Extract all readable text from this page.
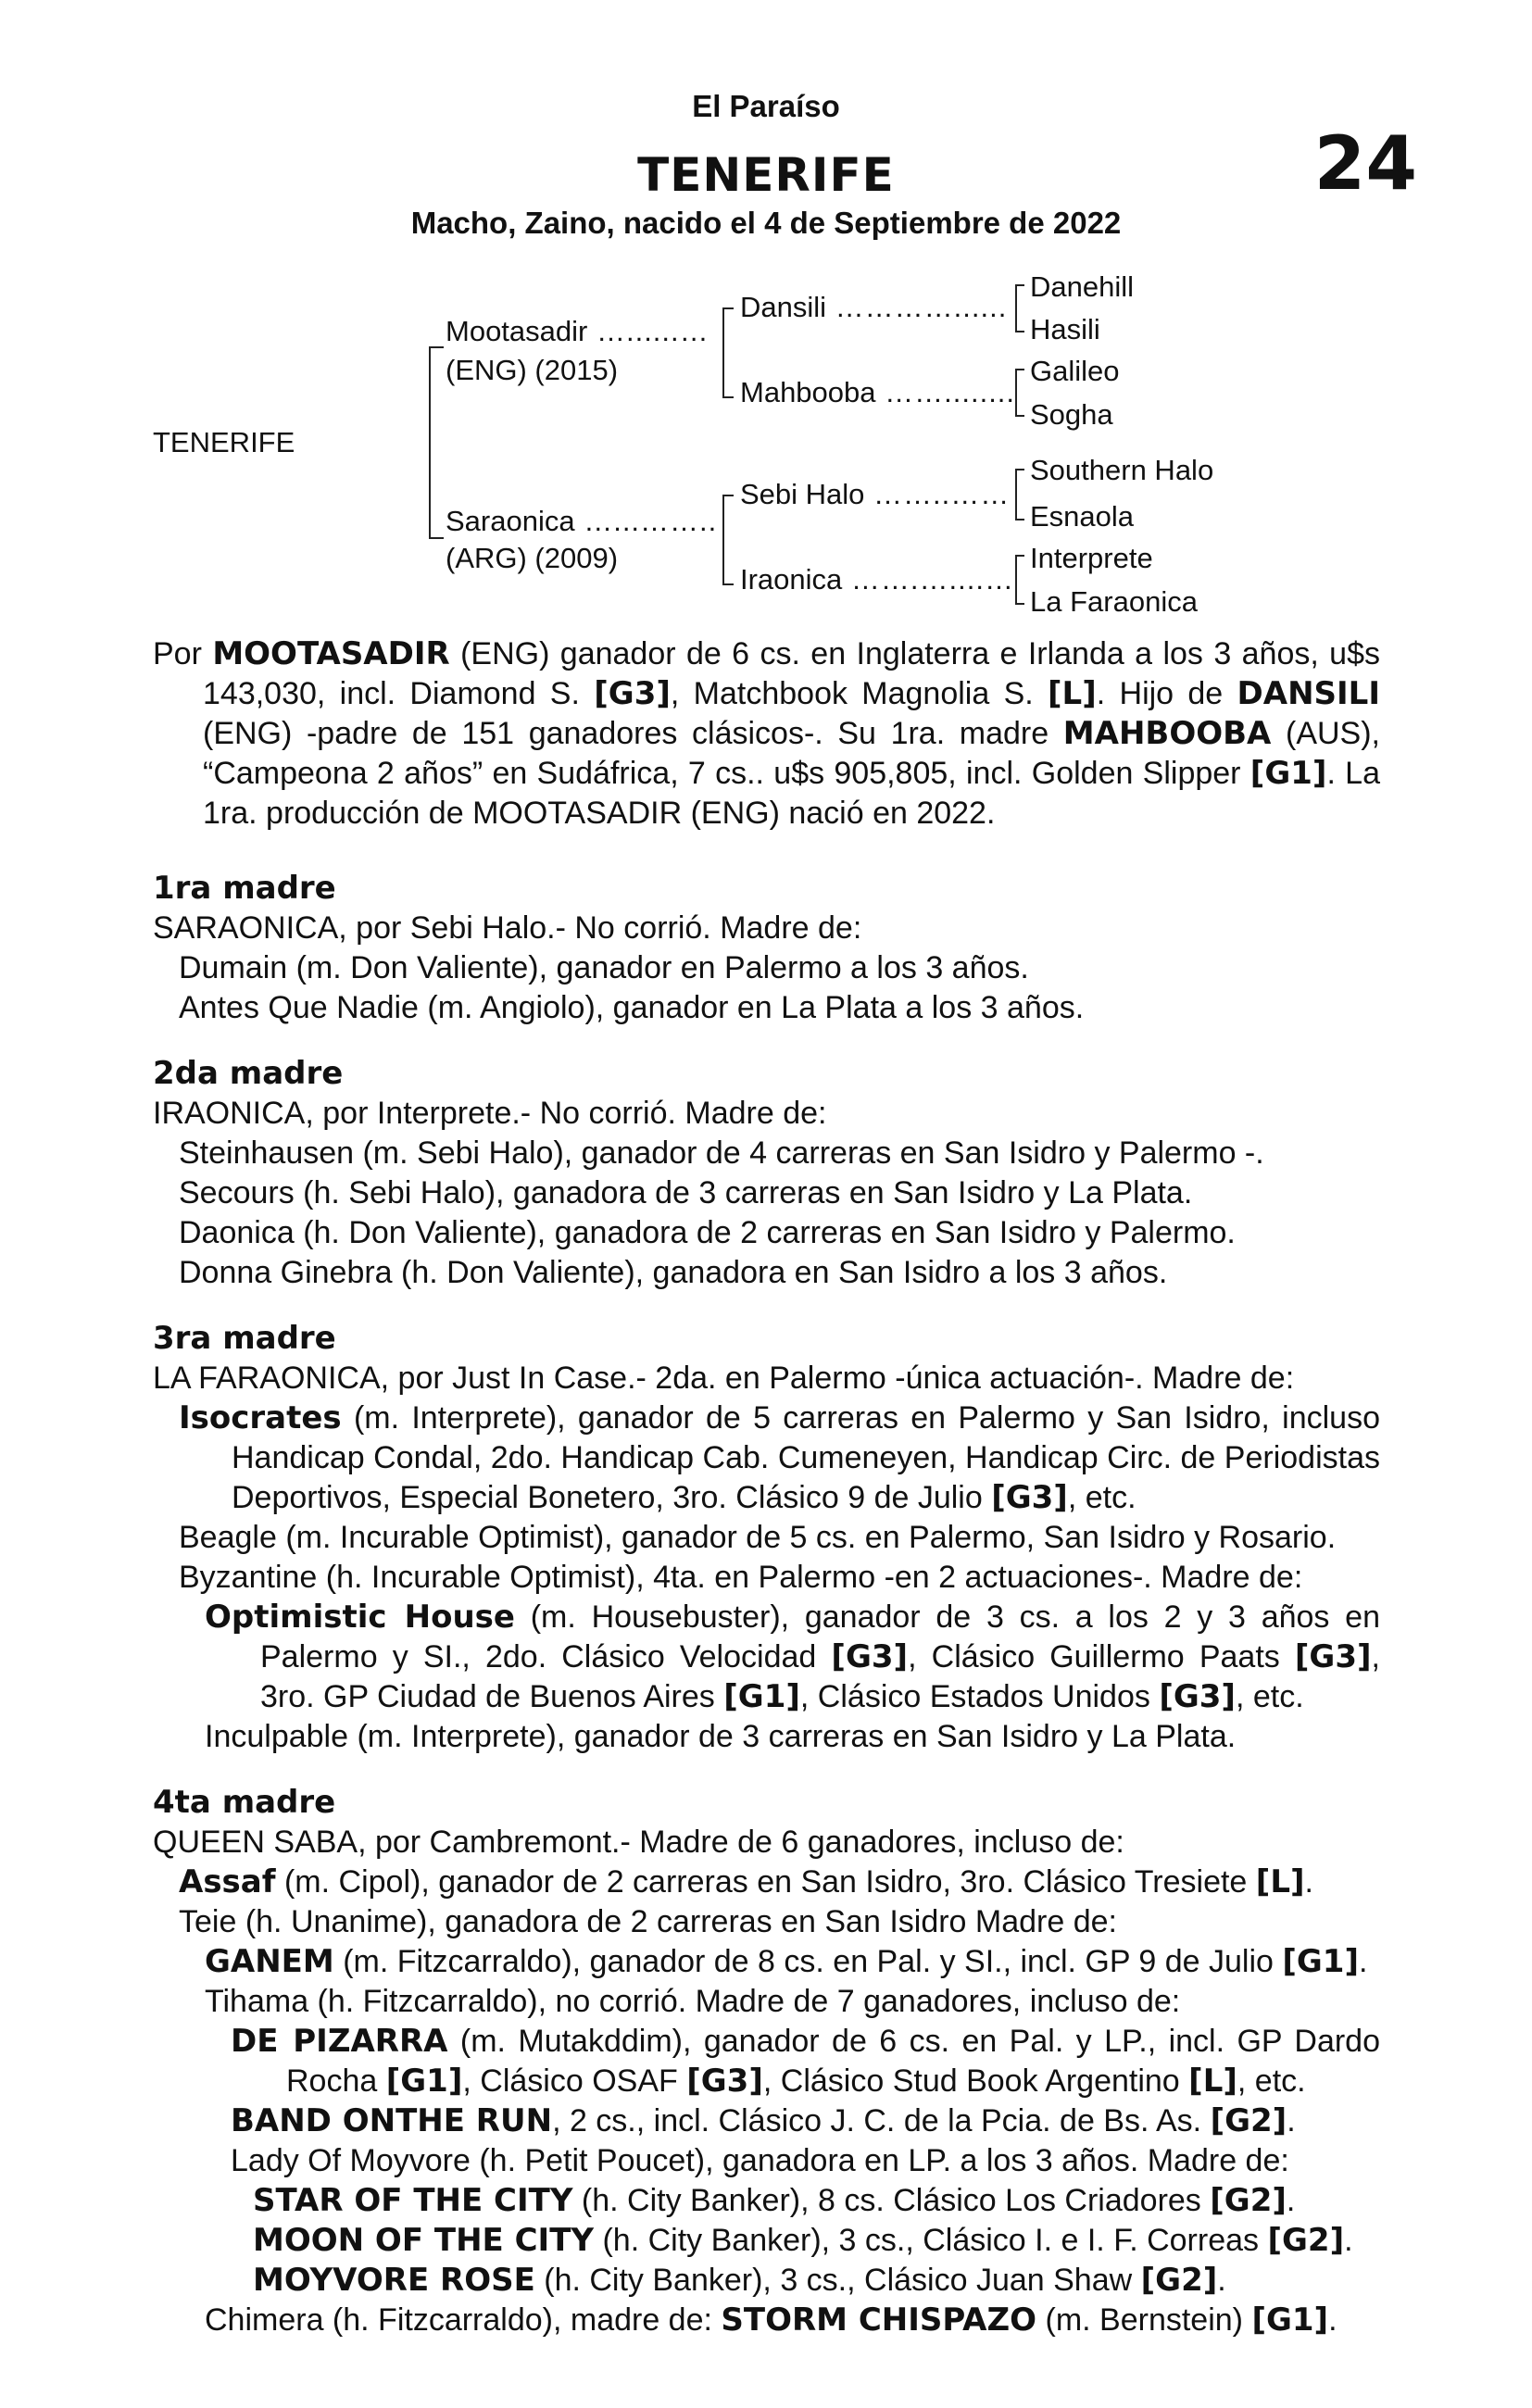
El Paraíso
TENERIFE
Macho, Zaino, nacido el 4 de Septiembre de 2022
24
TENERIFE
Mootasadir …......…
(ENG) (2015)
Saraonica …...……..
(ARG) (2009)
Dansili …………......
Mahbooba ……........
Sebi Halo ……..……
Iraonica …….…....…
Danehill
Hasili
Galileo
Sogha
Southern Halo
Esnaola
Interprete
La Faraonica

Por MOOTASADIR (ENG) ganador de 6 cs. en Inglaterra e Irlanda a los 3 años, u$s 143,030, incl. Diamond S. [G3], Matchbook Magnolia S. [L]. Hijo de DANSILI (ENG) -padre de 151 ganadores clásicos-. Su 1ra. madre MAHBOOBA (AUS), “Campeona 2 años” en Sudáfrica, 7 cs.. u$s 905,805, incl. Golden Slipper [G1]. La 1ra. producción de MOOTASADIR (ENG) nació en 2022.

1ra madre

SARAONICA, por Sebi Halo.- No corrió. Madre de:

Dumain (m. Don Valiente), ganador en Palermo a los 3 años.

Antes Que Nadie (m. Angiolo), ganador en La Plata a los 3 años.

2da madre

IRAONICA, por Interprete.- No corrió. Madre de:

Steinhausen (m. Sebi Halo), ganador de 4 carreras en San Isidro y Palermo -.

Secours (h. Sebi Halo), ganadora de 3 carreras en San Isidro y La Plata.

Daonica (h. Don Valiente), ganadora de 2 carreras en San Isidro y Palermo.

Donna Ginebra (h. Don Valiente), ganadora en San Isidro a los 3 años.

3ra madre

LA FARAONICA, por Just In Case.- 2da. en Palermo -única actuación-. Madre de:

Isocrates (m. Interprete), ganador de 5 carreras en Palermo y San Isidro, incluso Handicap Condal, 2do. Handicap Cab. Cumeneyen, Handicap Circ. de Periodistas Deportivos, Especial Bonetero, 3ro. Clásico 9 de Julio [G3], etc.

Beagle (m. Incurable Optimist), ganador de 5 cs. en Palermo, San Isidro y Rosario.

Byzantine (h. Incurable Optimist), 4ta. en Palermo -en 2 actuaciones-. Madre de:

Optimistic House (m. Housebuster), ganador de 3 cs. a los 2 y 3 años en Palermo y SI., 2do. Clásico Velocidad [G3], Clásico Guillermo Paats [G3], 3ro. GP Ciudad de Buenos Aires [G1], Clásico Estados Unidos [G3], etc.

Inculpable (m. Interprete), ganador de 3 carreras en San Isidro y La Plata.

4ta madre

QUEEN SABA, por Cambremont.- Madre de 6 ganadores, incluso de:

Assaf (m. Cipol), ganador de 2 carreras en San Isidro, 3ro. Clásico Tresiete [L].

Teie (h. Unanime), ganadora de 2 carreras en San Isidro Madre de:

GANEM (m. Fitzcarraldo), ganador de 8 cs. en Pal. y SI., incl. GP 9 de Julio [G1].

Tihama (h. Fitzcarraldo), no corrió. Madre de 7 ganadores, incluso de:

DE PIZARRA (m. Mutakddim), ganador de 6 cs. en Pal. y LP., incl. GP Dardo Rocha [G1], Clásico OSAF [G3], Clásico Stud Book Argentino [L], etc.

BAND ONTHE RUN, 2 cs., incl. Clásico J. C. de la Pcia. de Bs. As. [G2].

Lady Of Moyvore (h. Petit Poucet), ganadora en LP. a los 3 años. Madre de:

STAR OF THE CITY (h. City Banker), 8 cs. Clásico Los Criadores [G2].

MOON OF THE CITY (h. City Banker), 3 cs., Clásico I. e I. F. Correas [G2].

MOYVORE ROSE (h. City Banker), 3 cs., Clásico Juan Shaw [G2].

Chimera (h. Fitzcarraldo), madre de: STORM CHISPAZO (m. Bernstein) [G1].
